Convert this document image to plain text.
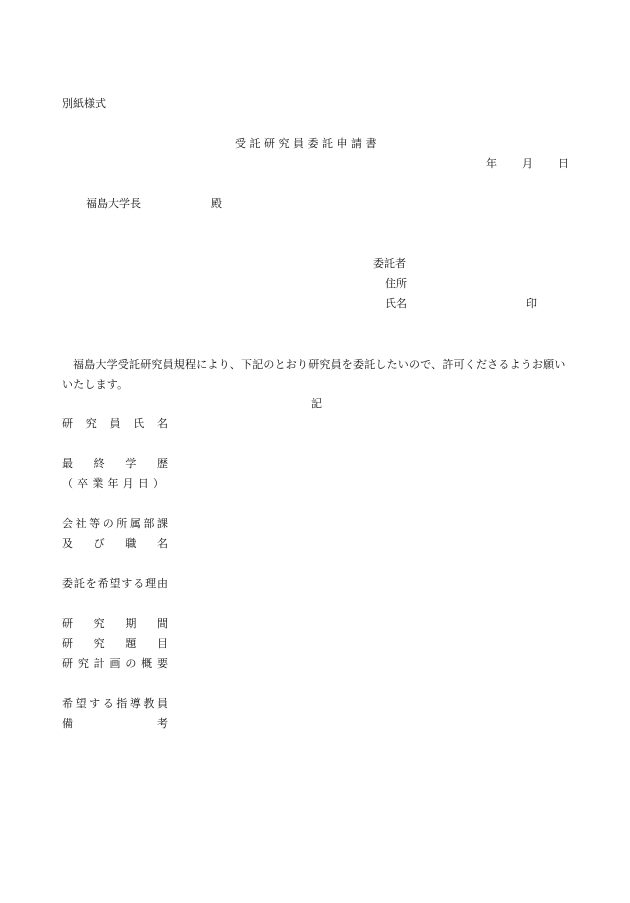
別紙様式
受託研究員委託申請書
年 月 日
福島大学長	殿
委託者
住所
氏名	印
福島大学受託研究員規程により、下記のとおり研究員を委託したいので、許可くださるようお願いいたします。
記
研 究 員 氏 名
最 終 学 歴
（ 卒 業 年 月 日 ）
会 社 等 の 所 属 部 課
及 び 職 名
委 託 を 希 望 す る 理 由
研 究 期 間
研 究 題 目
研 究 計 画 の 概 要
希 望 す る 指 導 教 員
備	考
